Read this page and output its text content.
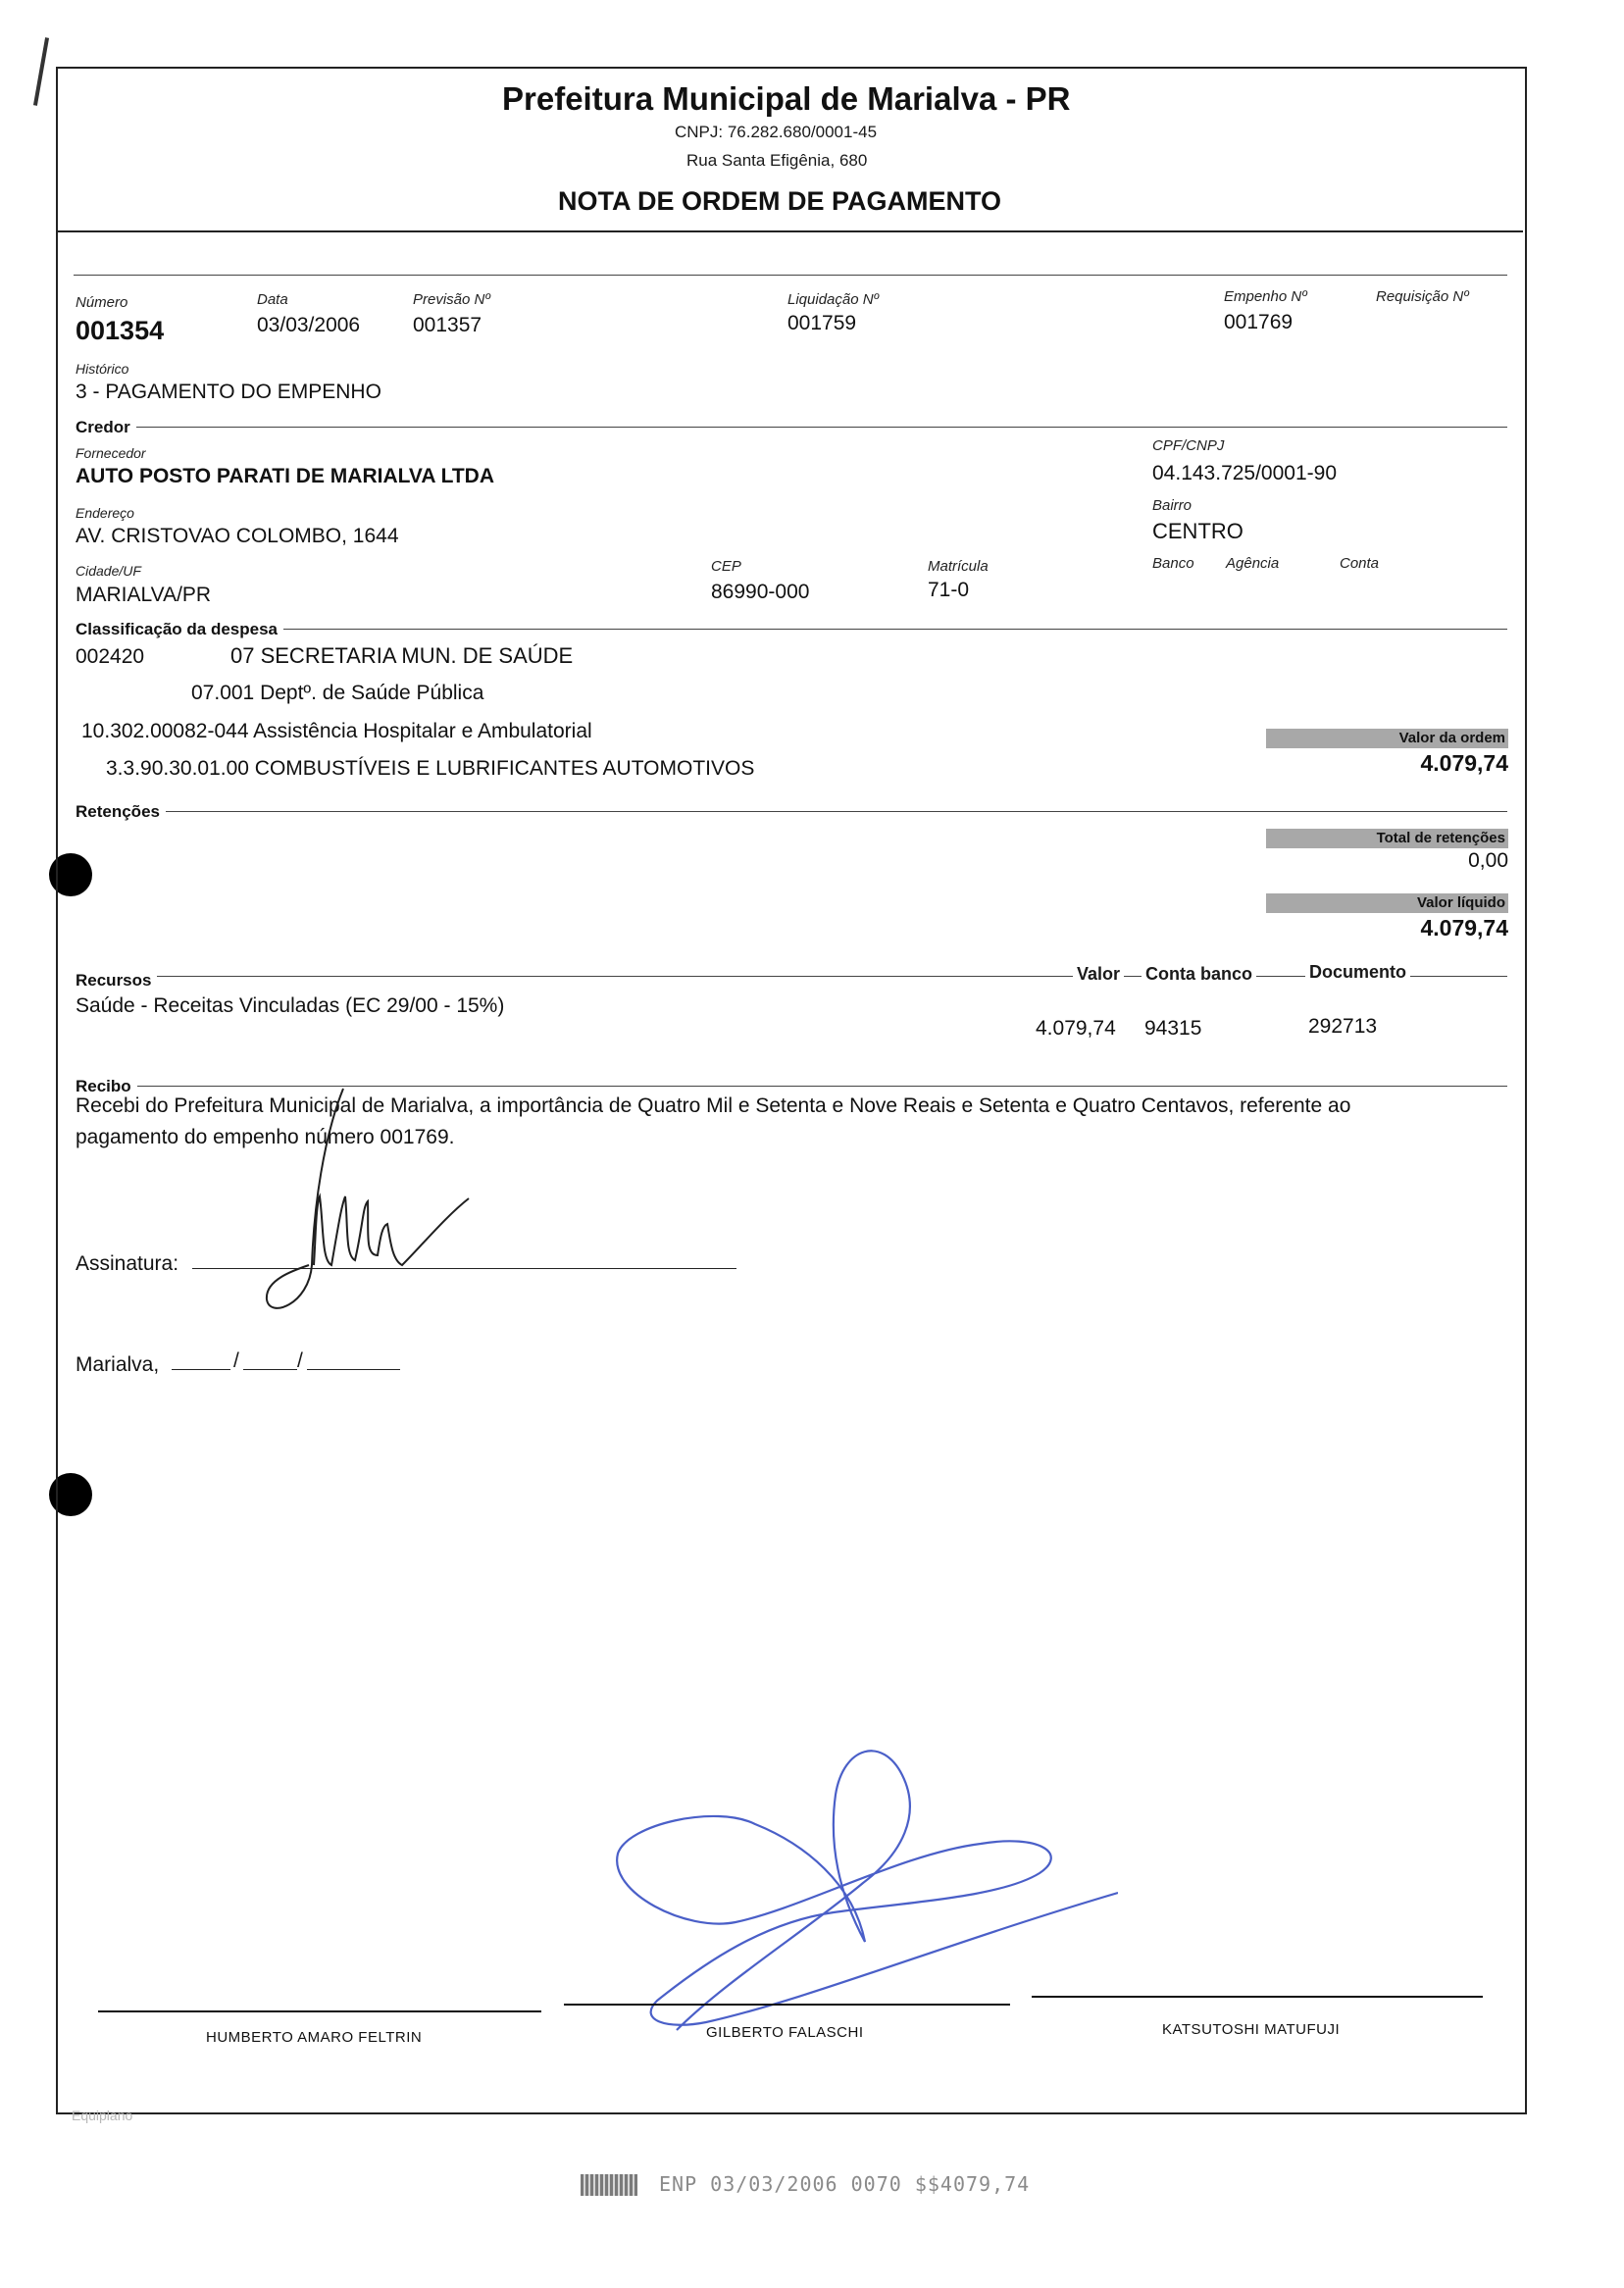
Prefeitura Municipal de Marialva - PR
CNPJ: 76.282.680/0001-45
Rua Santa Efigênia, 680
NOTA DE ORDEM DE PAGAMENTO
Número
001354
Data
03/03/2006
Previsão Nº
001357
Liquidação Nº
001759
Empenho Nº
001769
Requisição Nº
Histórico
3 - PAGAMENTO DO EMPENHO
Credor
Fornecedor
AUTO POSTO PARATI DE MARIALVA LTDA
CPF/CNPJ
04.143.725/0001-90
Endereço
AV. CRISTOVAO COLOMBO, 1644
Bairro
CENTRO
Cidade/UF
MARIALVA/PR
CEP
86990-000
Matrícula
71-0
Banco Agência	Conta
Classificação da despesa
002420	07 SECRETARIA MUN. DE SAÚDE
07.001 Deptº. de Saúde Pública
10.302.00082-044 Assistência Hospitalar e Ambulatorial
3.3.90.30.01.00 COMBUSTÍVEIS E LUBRIFICANTES AUTOMOTIVOS
Valor da ordem
4.079,74
Retenções
Total de retenções
0,00
Valor líquido
4.079,74
Recursos	Valor Conta banco	Documento
Saúde - Receitas Vinculadas (EC 29/00 - 15%)
4.079,74 94315	292713
Recibo
Recebi do Prefeitura Municipal de Marialva, a importância de Quatro Mil e Setenta e Nove Reais e Setenta e Quatro Centavos, referente ao
pagamento do empenho número 001769.
Assinatura:
Marialva,	/	/
HUMBERTO AMARO FELTRIN	GILBERTO FALASCHI	KATSUTOSHI MATUFUJI
Equiplano
ENP 03/03/2006 0070 $$4079,74
